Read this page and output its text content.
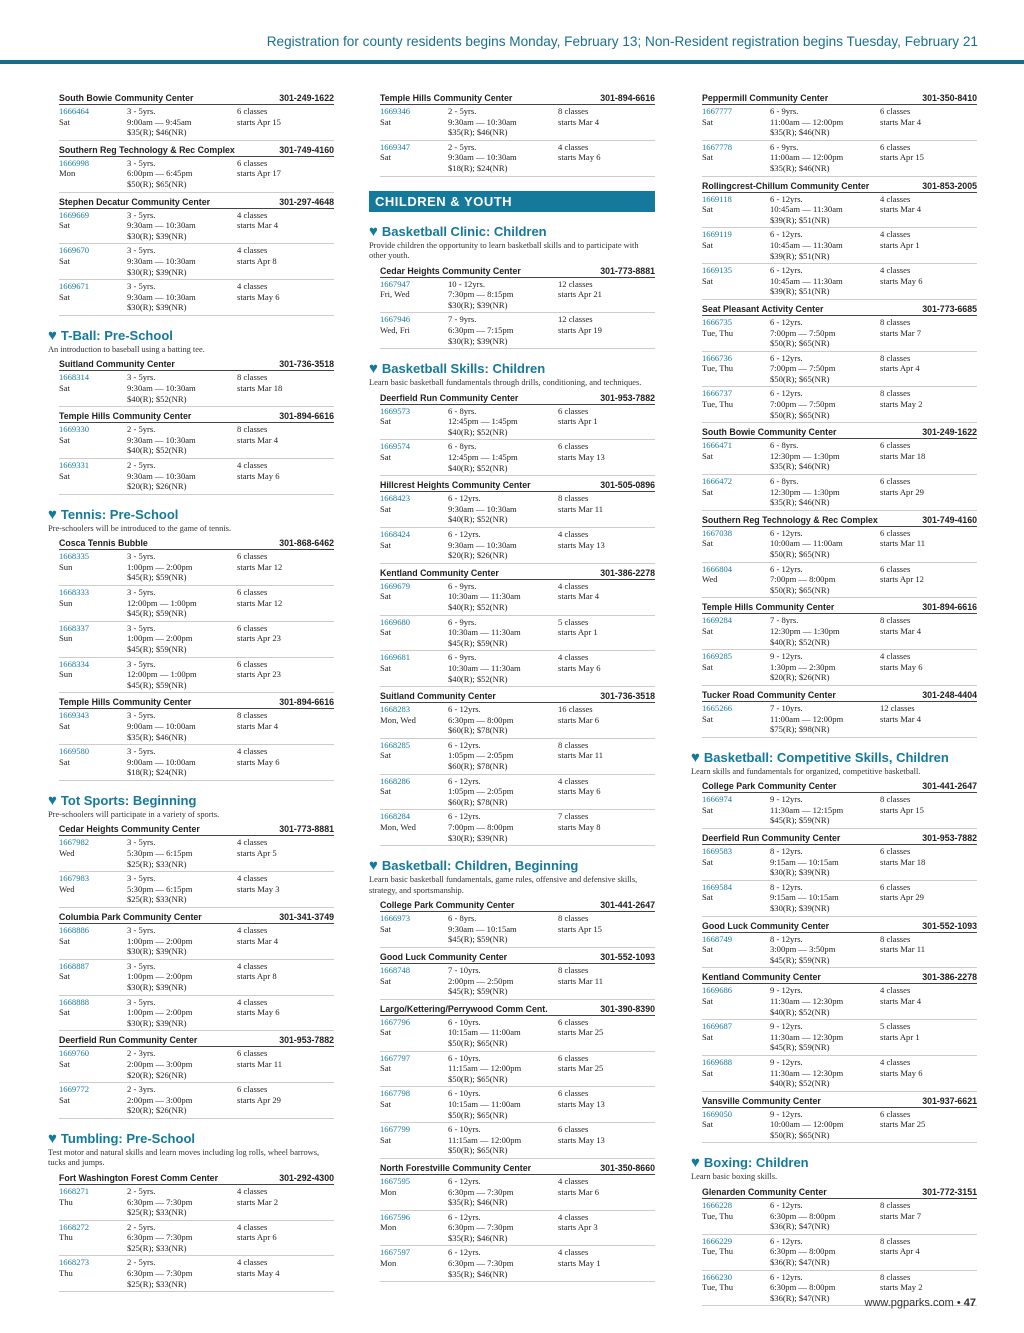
Registration for county residents begins Monday, February 13; Non-Resident registration begins Tuesday, February 21
South Bowie Community Center	301-249-1622
1666464	3 - 5yrs.	6 classes
Sat	9:00am — 9:45am	starts Apr 15
$35(R); $46(NR)
Southern Reg Technology & Rec Complex	301-749-4160
1666998	3 - 5yrs.	6 classes
Mon	6:00pm — 6:45pm	starts Apr 17
$50(R); $65(NR)
Stephen Decatur Community Center	301-297-4648
1669669	3 - 5yrs.	4 classes
Sat	9:30am — 10:30am	starts Mar 4
$30(R); $39(NR)
1669670	3 - 5yrs.	4 classes
Sat	9:30am — 10:30am	starts Apr 8
$30(R); $39(NR)
1669671	3 - 5yrs.	4 classes
Sat	9:30am — 10:30am	starts May 6
$30(R); $39(NR)
♥ T-Ball: Pre-School
An introduction to baseball using a batting tee.
Suitland Community Center	301-736-3518
1668314	3 - 5yrs.	8 classes
Sat	9:30am — 10:30am	starts Mar 18
$40(R); $52(NR)
Temple Hills Community Center	301-894-6616
1669330	2 - 5yrs.	8 classes
Sat	9:30am — 10:30am	starts Mar 4
$40(R); $52(NR)
1669331	2 - 5yrs.	4 classes
Sat	9:30am — 10:30am	starts May 6
$20(R); $26(NR)
♥ Tennis: Pre-School
Pre-schoolers will be introduced to the game of tennis.
Cosca Tennis Bubble	301-868-6462
1668335	3 - 5yrs.	6 classes
Sun	1:00pm — 2:00pm	starts Mar 12
$45(R); $59(NR)
1668333	3 - 5yrs.	6 classes
Sun	12:00pm — 1:00pm	starts Mar 12
$45(R); $59(NR)
1668337	3 - 5yrs.	6 classes
Sun	1:00pm — 2:00pm	starts Apr 23
$45(R); $59(NR)
1668334	3 - 5yrs.	6 classes
Sun	12:00pm — 1:00pm	starts Apr 23
$45(R); $59(NR)
Temple Hills Community Center	301-894-6616
1669343	3 - 5yrs.	8 classes
Sat	9:00am — 10:00am	starts Mar 4
$35(R); $46(NR)
1669580	3 - 5yrs.	4 classes
Sat	9:00am — 10:00am	starts May 6
$18(R); $24(NR)
♥ Tot Sports: Beginning
Pre-schoolers will participate in a variety of sports.
Cedar Heights Community Center	301-773-8881
1667982	3 - 5yrs.	4 classes
Wed	5:30pm — 6:15pm	starts Apr 5
$25(R); $33(NR)
1667983	3 - 5yrs.	4 classes
Wed	5:30pm — 6:15pm	starts May 3
$25(R); $33(NR)
Columbia Park Community Center	301-341-3749
1668886	3 - 5yrs.	4 classes
Sat	1:00pm — 2:00pm	starts Mar 4
$30(R); $39(NR)
1668887	3 - 5yrs.	4 classes
Sat	1:00pm — 2:00pm	starts Apr 8
$30(R); $39(NR)
1668888	3 - 5yrs.	4 classes
Sat	1:00pm — 2:00pm	starts May 6
$30(R); $39(NR)
Deerfield Run Community Center	301-953-7882
1669760	2 - 3yrs.	6 classes
Sat	2:00pm — 3:00pm	starts Mar 11
$20(R); $26(NR)
1669772	2 - 3yrs.	6 classes
Sat	2:00pm — 3:00pm	starts Apr 29
$20(R); $26(NR)
♥ Tumbling: Pre-School
Test motor and natural skills and learn moves including log rolls, wheel barrows, tucks and jumps.
Fort Washington Forest Comm Center	301-292-4300
1668271	2 - 5yrs.	4 classes
Thu	6:30pm — 7:30pm	starts Mar 2
$25(R); $33(NR)
1668272	2 - 5yrs.	4 classes
Thu	6:30pm — 7:30pm	starts Apr 6
$25(R); $33(NR)
1668273	2 - 5yrs.	4 classes
Thu	6:30pm — 7:30pm	starts May 4
$25(R); $33(NR)
Temple Hills Community Center	301-894-6616
1669346	2 - 5yrs.	8 classes
Sat	9:30am — 10:30am	starts Mar 4
$35(R); $46(NR)
1669347	2 - 5yrs.	4 classes
Sat	9:30am — 10:30am	starts May 6
$18(R); $24(NR)
CHILDREN & YOUTH
♥ Basketball Clinic: Children
Provide children the opportunity to learn basketball skills and to participate with other youth.
Cedar Heights Community Center	301-773-8881
1667947	10 - 12yrs.	12 classes
Fri, Wed	7:30pm — 8:15pm	starts Apr 21
$30(R); $39(NR)
1667946	7 - 9yrs.	12 classes
Wed, Fri	6:30pm — 7:15pm	starts Apr 19
$30(R); $39(NR)
♥ Basketball Skills: Children
Learn basic basketball fundamentals through drills, conditioning, and techniques.
Deerfield Run Community Center	301-953-7882
1669573	6 - 8yrs.	6 classes
Sat	12:45pm — 1:45pm	starts Apr 1
$40(R); $52(NR)
1669574	6 - 8yrs.	6 classes
Sat	12:45pm — 1:45pm	starts May 13
$40(R); $52(NR)
Hillcrest Heights Community Center	301-505-0896
1668423	6 - 12yrs.	8 classes
Sat	9:30am — 10:30am	starts Mar 11
$40(R); $52(NR)
1668424	6 - 12yrs.	4 classes
Sat	9:30am — 10:30am	starts May 13
$20(R); $26(NR)
Kentland Community Center	301-386-2278
1669679	6 - 9yrs.	4 classes
Sat	10:30am — 11:30am	starts Mar 4
$40(R); $52(NR)
1669680	6 - 9yrs.	5 classes
Sat	10:30am — 11:30am	starts Apr 1
$45(R); $59(NR)
1669681	6 - 9yrs.	4 classes
Sat	10:30am — 11:30am	starts May 6
$40(R); $52(NR)
Suitland Community Center	301-736-3518
1668283	6 - 12yrs.	16 classes
Mon, Wed	6:30pm — 8:00pm	starts Mar 6
$60(R); $78(NR)
1668285	6 - 12yrs.	8 classes
Sat	1:05pm — 2:05pm	starts Mar 11
$60(R); $78(NR)
1668286	6 - 12yrs.	4 classes
Sat	1:05pm — 2:05pm	starts May 6
$60(R); $78(NR)
1668284	6 - 12yrs.	7 classes
Mon, Wed	7:00pm — 8:00pm	starts May 8
$30(R); $39(NR)
♥ Basketball: Children, Beginning
Learn basic basketball fundamentals, game rules, offensive and defensive skills, strategy, and sportsmanship.
College Park Community Center	301-441-2647
1666973	6 - 8yrs.	8 classes
Sat	9:30am — 10:15am	starts Apr 15
$45(R); $59(NR)
Good Luck Community Center	301-552-1093
1668748	7 - 10yrs.	8 classes
Sat	2:00pm — 2:50pm	starts Mar 11
$45(R); $59(NR)
Largo/Kettering/Perrywood Comm Cent.	301-390-8390
1667796	6 - 10yrs.	6 classes
Sat	10:15am — 11:00am	starts Mar 25
$50(R); $65(NR)
1667797	6 - 10yrs.	6 classes
Sat	11:15am — 12:00pm	starts Mar 25
$50(R); $65(NR)
1667798	6 - 10yrs.	6 classes
Sat	10:15am — 11:00am	starts May 13
$50(R); $65(NR)
1667799	6 - 10yrs.	6 classes
Sat	11:15am — 12:00pm	starts May 13
$50(R); $65(NR)
North Forestville Community Center	301-350-8660
1667595	6 - 12yrs.	4 classes
Mon	6:30pm — 7:30pm	starts Mar 6
$35(R); $46(NR)
1667596	6 - 12yrs.	4 classes
Mon	6:30pm — 7:30pm	starts Apr 3
$35(R); $46(NR)
1667597	6 - 12yrs.	4 classes
Mon	6:30pm — 7:30pm	starts May 1
$35(R); $46(NR)
Peppermill Community Center	301-350-8410
1667777	6 - 9yrs.	6 classes
Sat	11:00am — 12:00pm	starts Mar 4
$35(R); $46(NR)
1667778	6 - 9yrs.	6 classes
Sat	11:00am — 12:00pm	starts Apr 15
$35(R); $46(NR)
Rollingcrest-Chillum Community Center	301-853-2005
1669118	6 - 12yrs.	4 classes
Sat	10:45am — 11:30am	starts Mar 4
$39(R); $51(NR)
1669119	6 - 12yrs.	4 classes
Sat	10:45am — 11:30am	starts Apr 1
$39(R); $51(NR)
1669135	6 - 12yrs.	4 classes
Sat	10:45am — 11:30am	starts May 6
$39(R); $51(NR)
Seat Pleasant Activity Center	301-773-6685
1666735	6 - 12yrs.	8 classes
Tue, Thu	7:00pm — 7:50pm	starts Mar 7
$50(R); $65(NR)
1666736	6 - 12yrs.	8 classes
Tue, Thu	7:00pm — 7:50pm	starts Apr 4
$50(R); $65(NR)
1666737	6 - 12yrs.	8 classes
Tue, Thu	7:00pm — 7:50pm	starts May 2
$50(R); $65(NR)
South Bowie Community Center	301-249-1622
1666471	6 - 8yrs.	6 classes
Sat	12:30pm — 1:30pm	starts Mar 18
$35(R); $46(NR)
1666472	6 - 8yrs.	6 classes
Sat	12:30pm — 1:30pm	starts Apr 29
$35(R); $46(NR)
Southern Reg Technology & Rec Complex	301-749-4160
1667038	6 - 12yrs.	6 classes
Sat	10:00am — 11:00am	starts Mar 11
$50(R); $65(NR)
1666804	6 - 12yrs.	6 classes
Wed	7:00pm — 8:00pm	starts Apr 12
$50(R); $65(NR)
Temple Hills Community Center	301-894-6616
1669284	7 - 8yrs.	8 classes
Sat	12:30pm — 1:30pm	starts Mar 4
$40(R); $52(NR)
1669285	9 - 12yrs.	4 classes
Sat	1:30pm — 2:30pm	starts May 6
$20(R); $26(NR)
Tucker Road Community Center	301-248-4404
1665266	7 - 10yrs.	12 classes
Sat	11:00am — 12:00pm	starts Mar 4
$75(R); $98(NR)
♥ Basketball: Competitive Skills, Children
Learn skills and fundamentals for organized, competitive basketball.
College Park Community Center	301-441-2647
1666974	9 - 12yrs.	8 classes
Sat	11:30am — 12:15pm	starts Apr 15
$45(R); $59(NR)
Deerfield Run Community Center	301-953-7882
1669583	8 - 12yrs.	6 classes
Sat	9:15am — 10:15am	starts Mar 18
$30(R); $39(NR)
1669584	8 - 12yrs.	6 classes
Sat	9:15am — 10:15am	starts Apr 29
$30(R); $39(NR)
Good Luck Community Center	301-552-1093
1668749	8 - 12yrs.	8 classes
Sat	3:00pm — 3:50pm	starts Mar 11
$45(R); $59(NR)
Kentland Community Center	301-386-2278
1669686	9 - 12yrs.	4 classes
Sat	11:30am — 12:30pm	starts Mar 4
$40(R); $52(NR)
1669687	9 - 12yrs.	5 classes
Sat	11:30am — 12:30pm	starts Apr 1
$45(R); $59(NR)
1669688	9 - 12yrs.	4 classes
Sat	11:30am — 12:30pm	starts May 6
$40(R); $52(NR)
Vansville Community Center	301-937-6621
1669050	9 - 12yrs.	6 classes
Sat	10:00am — 12:00pm	starts Mar 25
$50(R); $65(NR)
♥ Boxing: Children
Learn basic boxing skills.
Glenarden Community Center	301-772-3151
1666228	6 - 12yrs.	8 classes
Tue, Thu	6:30pm — 8:00pm	starts Mar 7
$36(R); $47(NR)
1666229	6 - 12yrs.	8 classes
Tue, Thu	6:30pm — 8:00pm	starts Apr 4
$36(R); $47(NR)
1666230	6 - 12yrs.	8 classes
Tue, Thu	6:30pm — 8:00pm	starts May 2
$36(R); $47(NR)	www.pgparks.com • 47
